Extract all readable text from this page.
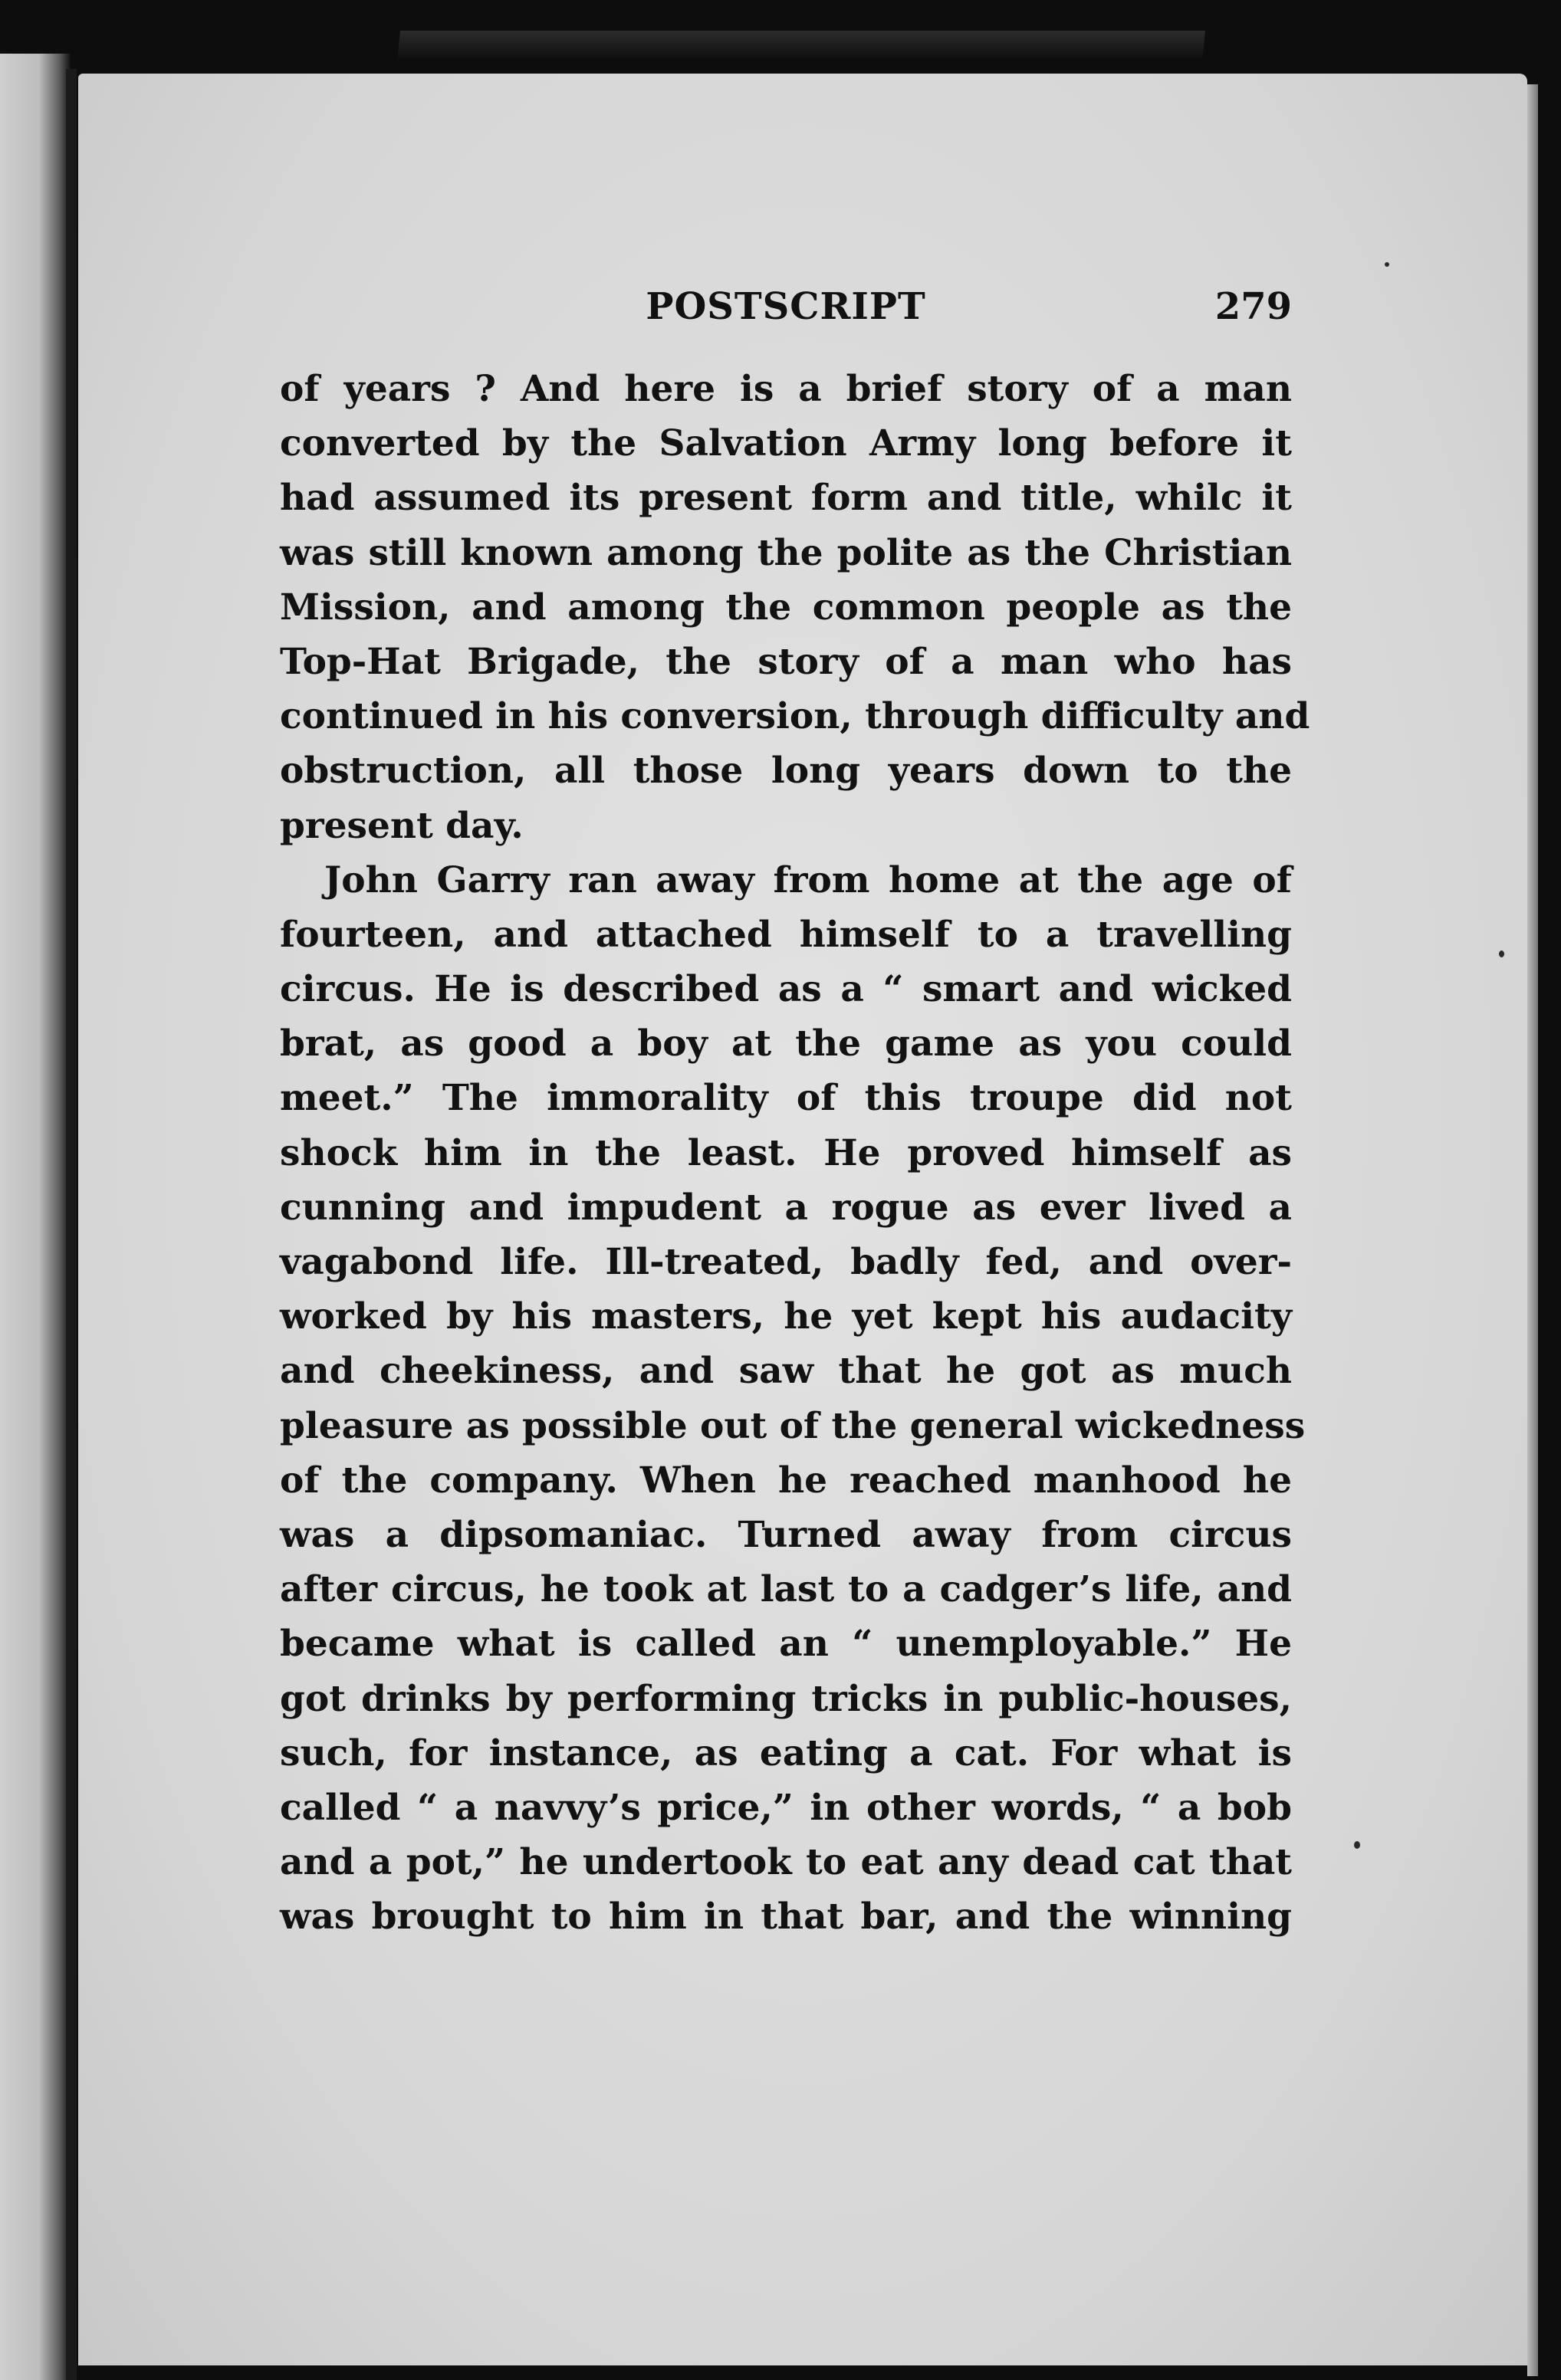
POSTSCRIPT	279
of years ? And here is a brief story of a man
converted by the Salvation Army long before it
had assumed its present form and title, whilc it
was still known among the polite as the Christian
Mission, and among the common people as the
Top-Hat Brigade, the story of a man who has
continued in his conversion, through difficulty and
obstruction, all those long years down to the
present day.
John Garry ran away from home at the age of
fourteen, and attached himself to a travelling
circus. He is described as a “ smart and wicked
brat, as good a boy at the game as you could
meet.” The immorality of this troupe did not
shock him in the least. He proved himself as
cunning and impudent a rogue as ever lived a
vagabond life. Ill-treated, badly fed, and over-
worked by his masters, he yet kept his audacity
and cheekiness, and saw that he got as much
pleasure as possible out of the general wickedness
of the company. When he reached manhood he
was a dipsomaniac. Turned away from circus
after circus, he took at last to a cadger’s life, and
became what is called an “ unemployable.” He
got drinks by performing tricks in public-houses,
such, for instance, as eating a cat. For what is
called “ a navvy’s price,” in other words, “ a bob
and a pot,” he undertook to eat any dead cat that
was brought to him in that bar, and the winning
